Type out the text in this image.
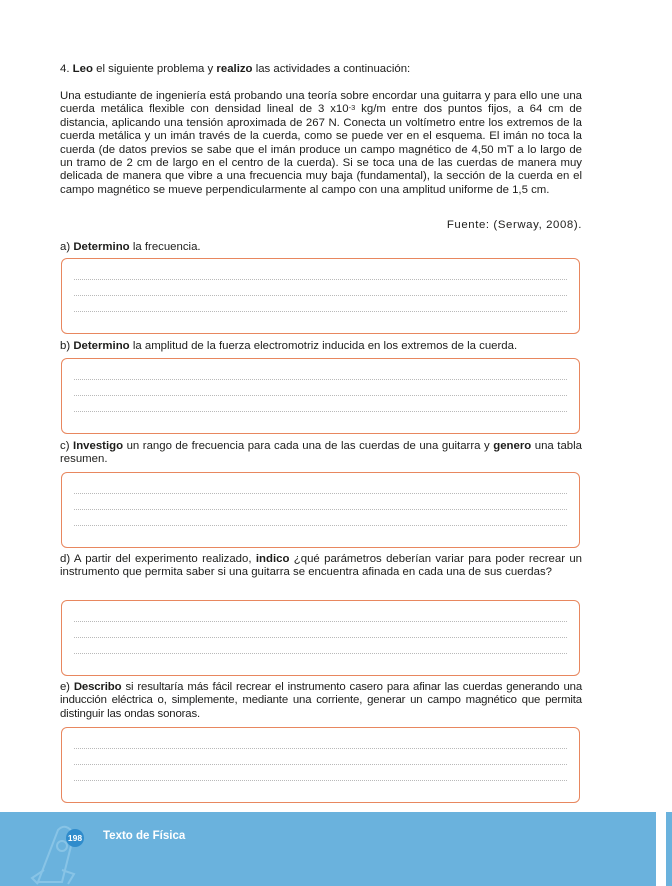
4. Leo el siguiente problema y realizo las actividades a continuación:
Una estudiante de ingeniería está probando una teoría sobre encordar una guitarra y para ello une una cuerda metálica flexible con densidad lineal de 3 $x10^{-3}$ kg/m entre dos puntos fijos, a 64 cm de distancia, aplicando una tensión aproximada de 267 N. Conecta un voltímetro entre los extremos de la cuerda metálica y un imán través de la cuerda, como se puede ver en el esquema. El imán no toca la cuerda (de datos previos se sabe que el imán produce un campo magnético de 4,50 mT a lo largo de un tramo de 2 cm de largo en el centro de la cuerda). Si se toca una de las cuerdas de manera muy delicada de manera que vibre a una frecuencia muy baja (fundamental), la sección de la cuerda en el campo magnético se mueve perpendicularmente al campo con una amplitud uniforme de 1,5 cm.
Fuente: (Serway, 2008).
a) Determino la frecuencia.
b) Determino la amplitud de la fuerza electromotriz inducida en los extremos de la cuerda.
c) Investigo un rango de frecuencia para cada una de las cuerdas de una guitarra y genero una tabla resumen.
d) A partir del experimento realizado, indico ¿qué parámetros deberían variar para poder recrear un instrumento que permita saber si una guitarra se encuentra afinada en cada una de sus cuerdas?
e) Describo si resultaría más fácil recrear el instrumento casero para afinar las cuerdas generando una inducción eléctrica o, simplemente, mediante una corriente, generar un campo magnético que permita distinguir las ondas sonoras.
198 Texto de Física
